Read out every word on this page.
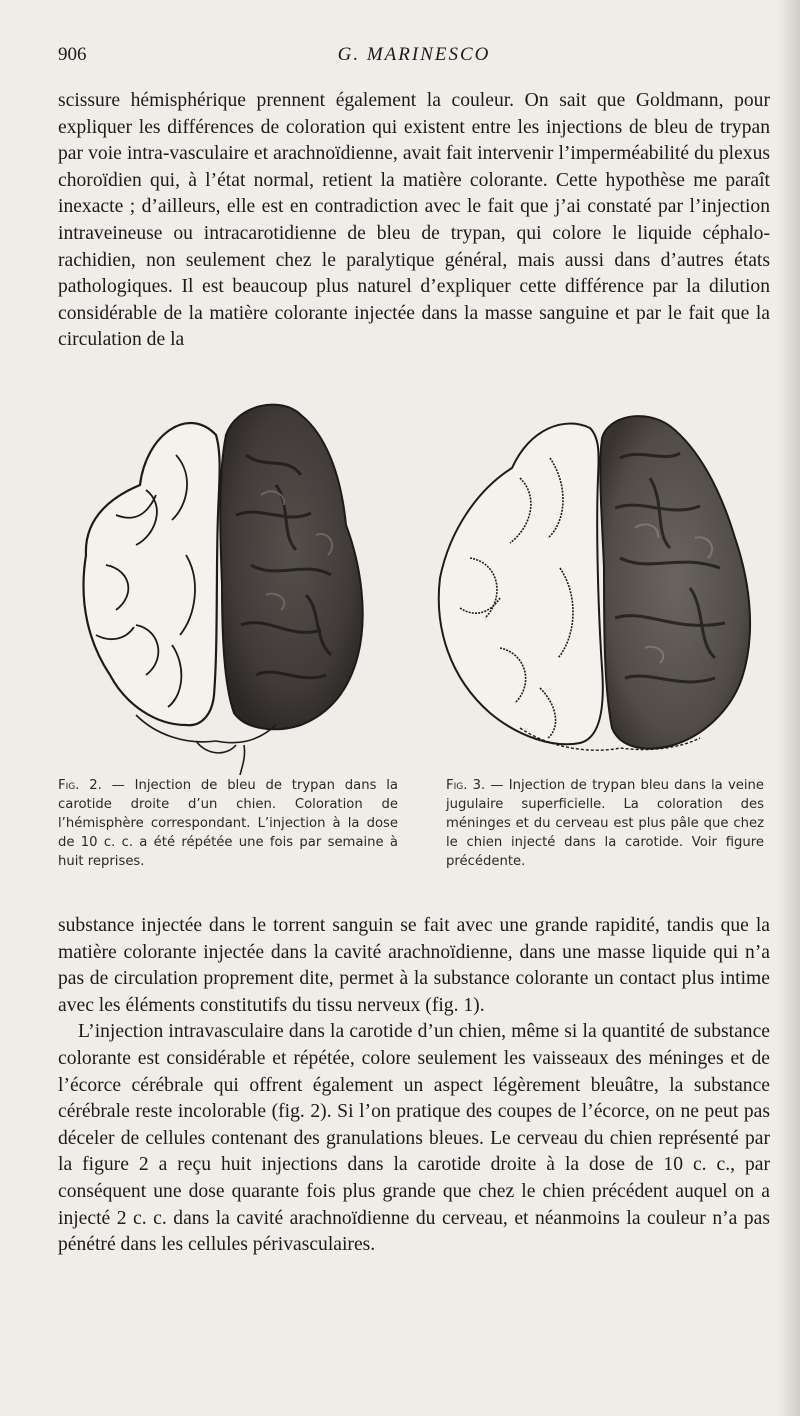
906	G. MARINESCO

scissure hémisphérique prennent également la couleur. On sait que Goldmann, pour expliquer les différences de coloration qui existent entre les injections de bleu de trypan par voie intra-vasculaire et arachnoïdienne, avait fait intervenir l’imperméabilité du plexus choroïdien qui, à l’état normal, retient la matière colorante. Cette hypothèse me paraît inexacte ; d’ailleurs, elle est en contradiction avec le fait que j’ai constaté par l’injection intraveineuse ou intracarotidienne de bleu de trypan, qui colore le liquide céphalo-rachidien, non seulement chez le paralytique général, mais aussi dans d’autres états pathologiques. Il est beaucoup plus naturel d’expliquer cette différence par la dilution considérable de la matière colorante injectée dans la masse sanguine et par le fait que la circulation de la

Fig. 2. — Injection de bleu de trypan dans la carotide droite d’un chien. Coloration de l’hémisphère correspondant. L’injection à la dose de 10 c. c. a été répétée une fois par semaine à huit reprises.
Fig. 3. — Injection de trypan bleu dans la veine jugulaire superficielle. La coloration des méninges et du cerveau est plus pâle que chez le chien injecté dans la carotide. Voir figure précédente.

substance injectée dans le torrent sanguin se fait avec une grande rapidité, tandis que la matière colorante injectée dans la cavité arachnoïdienne, dans une masse liquide qui n’a pas de circulation proprement dite, permet à la substance colorante un contact plus intime avec les éléments constitutifs du tissu nerveux (fig. 1).

L’injection intravasculaire dans la carotide d’un chien, même si la quantité de substance colorante est considérable et répétée, colore seulement les vaisseaux des méninges et de l’écorce cérébrale qui offrent également un aspect légèrement bleuâtre, la substance cérébrale reste incolorable (fig. 2). Si l’on pratique des coupes de l’écorce, on ne peut pas déceler de cellules contenant des granulations bleues. Le cerveau du chien représenté par la figure 2 a reçu huit injections dans la carotide droite à la dose de 10 c. c., par conséquent une dose quarante fois plus grande que chez le chien précédent auquel on a injecté 2 c. c. dans la cavité arachnoïdienne du cerveau, et néanmoins la couleur n’a pas pénétré dans les cellules périvasculaires.
